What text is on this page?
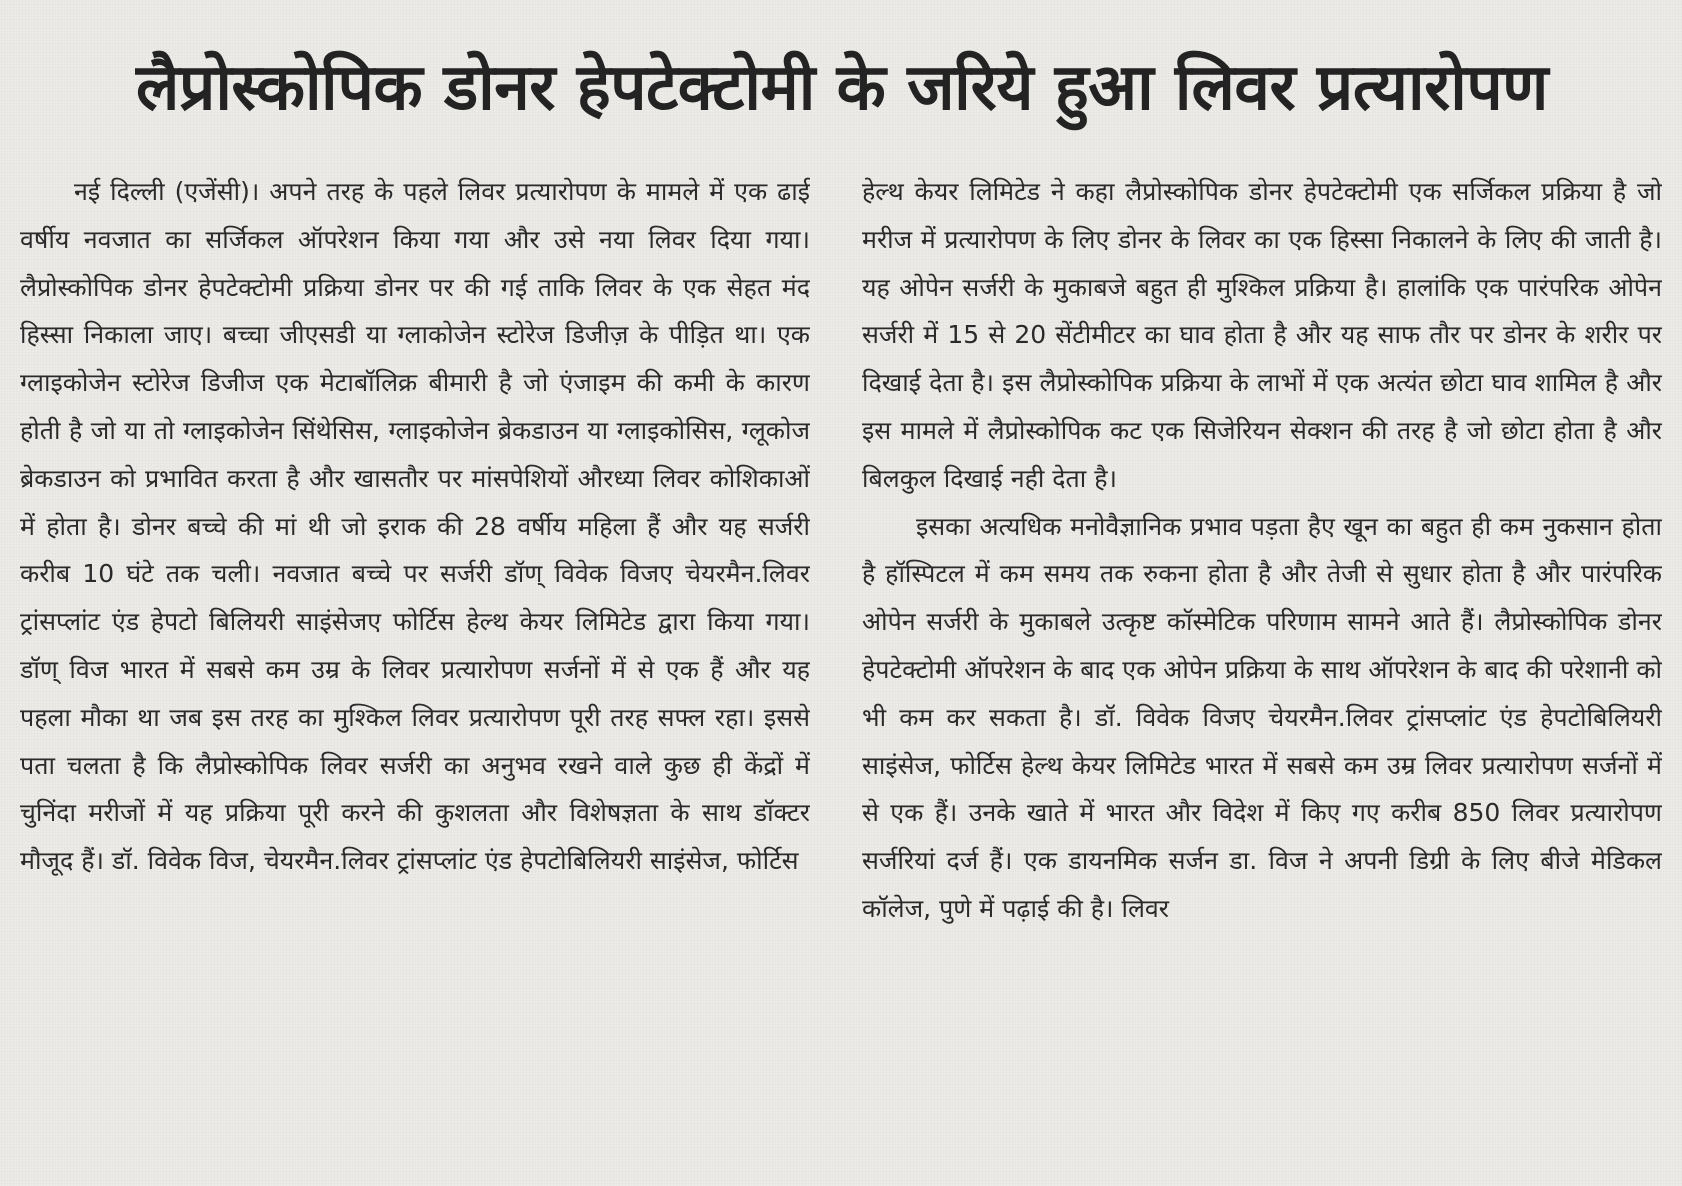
लैप्रोस्कोपिक डोनर हेपटेक्टोमी के जरिये हुआ लिवर प्रत्यारोपण

नई दिल्ली (एजेंसी)। अपने तरह के पहले लिवर प्रत्यारोपण के मामले में एक ढाई वर्षीय नवजात का सर्जिकल ऑपरेशन किया गया और उसे नया लिवर दिया गया। लैप्रोस्कोपिक डोनर हेपटेक्टोमी प्रक्रिया डोनर पर की गई ताकि लिवर के एक सेहत मंद हिस्सा निकाला जाए। बच्चा जीएसडी या ग्लाकोजेन स्टोरेज डिजीज़ के पीड़ित था। एक ग्लाइकोजेन स्टोरेज डिजीज एक मेटाबॉलिक्र बीमारी है जो एंजाइम की कमी के कारण होती है जो या तो ग्लाइकोजेन सिंथेसिस, ग्लाइकोजेन ब्रेकडाउन या ग्लाइकोसिस, ग्लूकोज ब्रेकडाउन को प्रभावित करता है और खासतौर पर मांसपेशियों औरध्या लिवर कोशिकाओं में होता है। डोनर बच्चे की मां थी जो इराक की 28 वर्षीय महिला हैं और यह सर्जरी करीब 10 घंटे तक चली। नवजात बच्चे पर सर्जरी डॉण् विवेक विजए चेयरमैन.लिवर ट्रांसप्लांट एंड हेपटो बिलियरी साइंसेजए फोर्टिस हेल्थ केयर लिमिटेड द्वारा किया गया। डॉण् विज भारत में सबसे कम उम्र के लिवर प्रत्यारोपण सर्जनों में से एक हैं और यह पहला मौका था जब इस तरह का मुश्किल लिवर प्रत्यारोपण पूरी तरह सफ्ल रहा। इससे पता चलता है कि लैप्रोस्कोपिक लिवर सर्जरी का अनुभव रखने वाले कुछ ही केंद्रों में चुनिंदा मरीजों में यह प्रक्रिया पूरी करने की कुशलता और विशेषज्ञता के साथ डॉक्टर मौजूद हैं। डॉ. विवेक विज, चेयरमैन.लिवर ट्रांसप्लांट एंड हेपटोबिलियरी साइंसेज, फोर्टिस

हेल्थ केयर लिमिटेड ने कहा लैप्रोस्कोपिक डोनर हेपटेक्टोमी एक सर्जिकल प्रक्रिया है जो मरीज में प्रत्यारोपण के लिए डोनर के लिवर का एक हिस्सा निकालने के लिए की जाती है। यह ओपेन सर्जरी के मुकाबजे बहुत ही मुश्किल प्रक्रिया है। हालांकि एक पारंपरिक ओपेन सर्जरी में 15 से 20 सेंटीमीटर का घाव होता है और यह साफ तौर पर डोनर के शरीर पर दिखाई देता है। इस लैप्रोस्कोपिक प्रक्रिया के लाभों में एक अत्यंत छोटा घाव शामिल है और इस मामले में लैप्रोस्कोपिक कट एक सिजेरियन सेक्शन की तरह है जो छोटा होता है और बिलकुल दिखाई नही देता है।

इसका अत्यधिक मनोवैज्ञानिक प्रभाव पड़ता हैए खून का बहुत ही कम नुकसान होता है हॉस्पिटल में कम समय तक रुकना होता है और तेजी से सुधार होता है और पारंपरिक ओपेन सर्जरी के मुकाबले उत्कृष्ट कॉस्मेटिक परिणाम सामने आते हैं। लैप्रोस्कोपिक डोनर हेपटेक्टोमी ऑपरेशन के बाद एक ओपेन प्रक्रिया के साथ ऑपरेशन के बाद की परेशानी को भी कम कर सकता है। डॉ. विवेक विजए चेयरमैन.लिवर ट्रांसप्लांट एंड हेपटोबिलियरी साइंसेज, फोर्टिस हेल्थ केयर लिमिटेड भारत में सबसे कम उम्र लिवर प्रत्यारोपण सर्जनों में से एक हैं। उनके खाते में भारत और विदेश में किए गए करीब 850 लिवर प्रत्यारोपण सर्जरियां दर्ज हैं। एक डायनमिक सर्जन डा. विज ने अपनी डिग्री के लिए बीजे मेडिकल कॉलेज, पुणे में पढ़ाई की है। लिवर
